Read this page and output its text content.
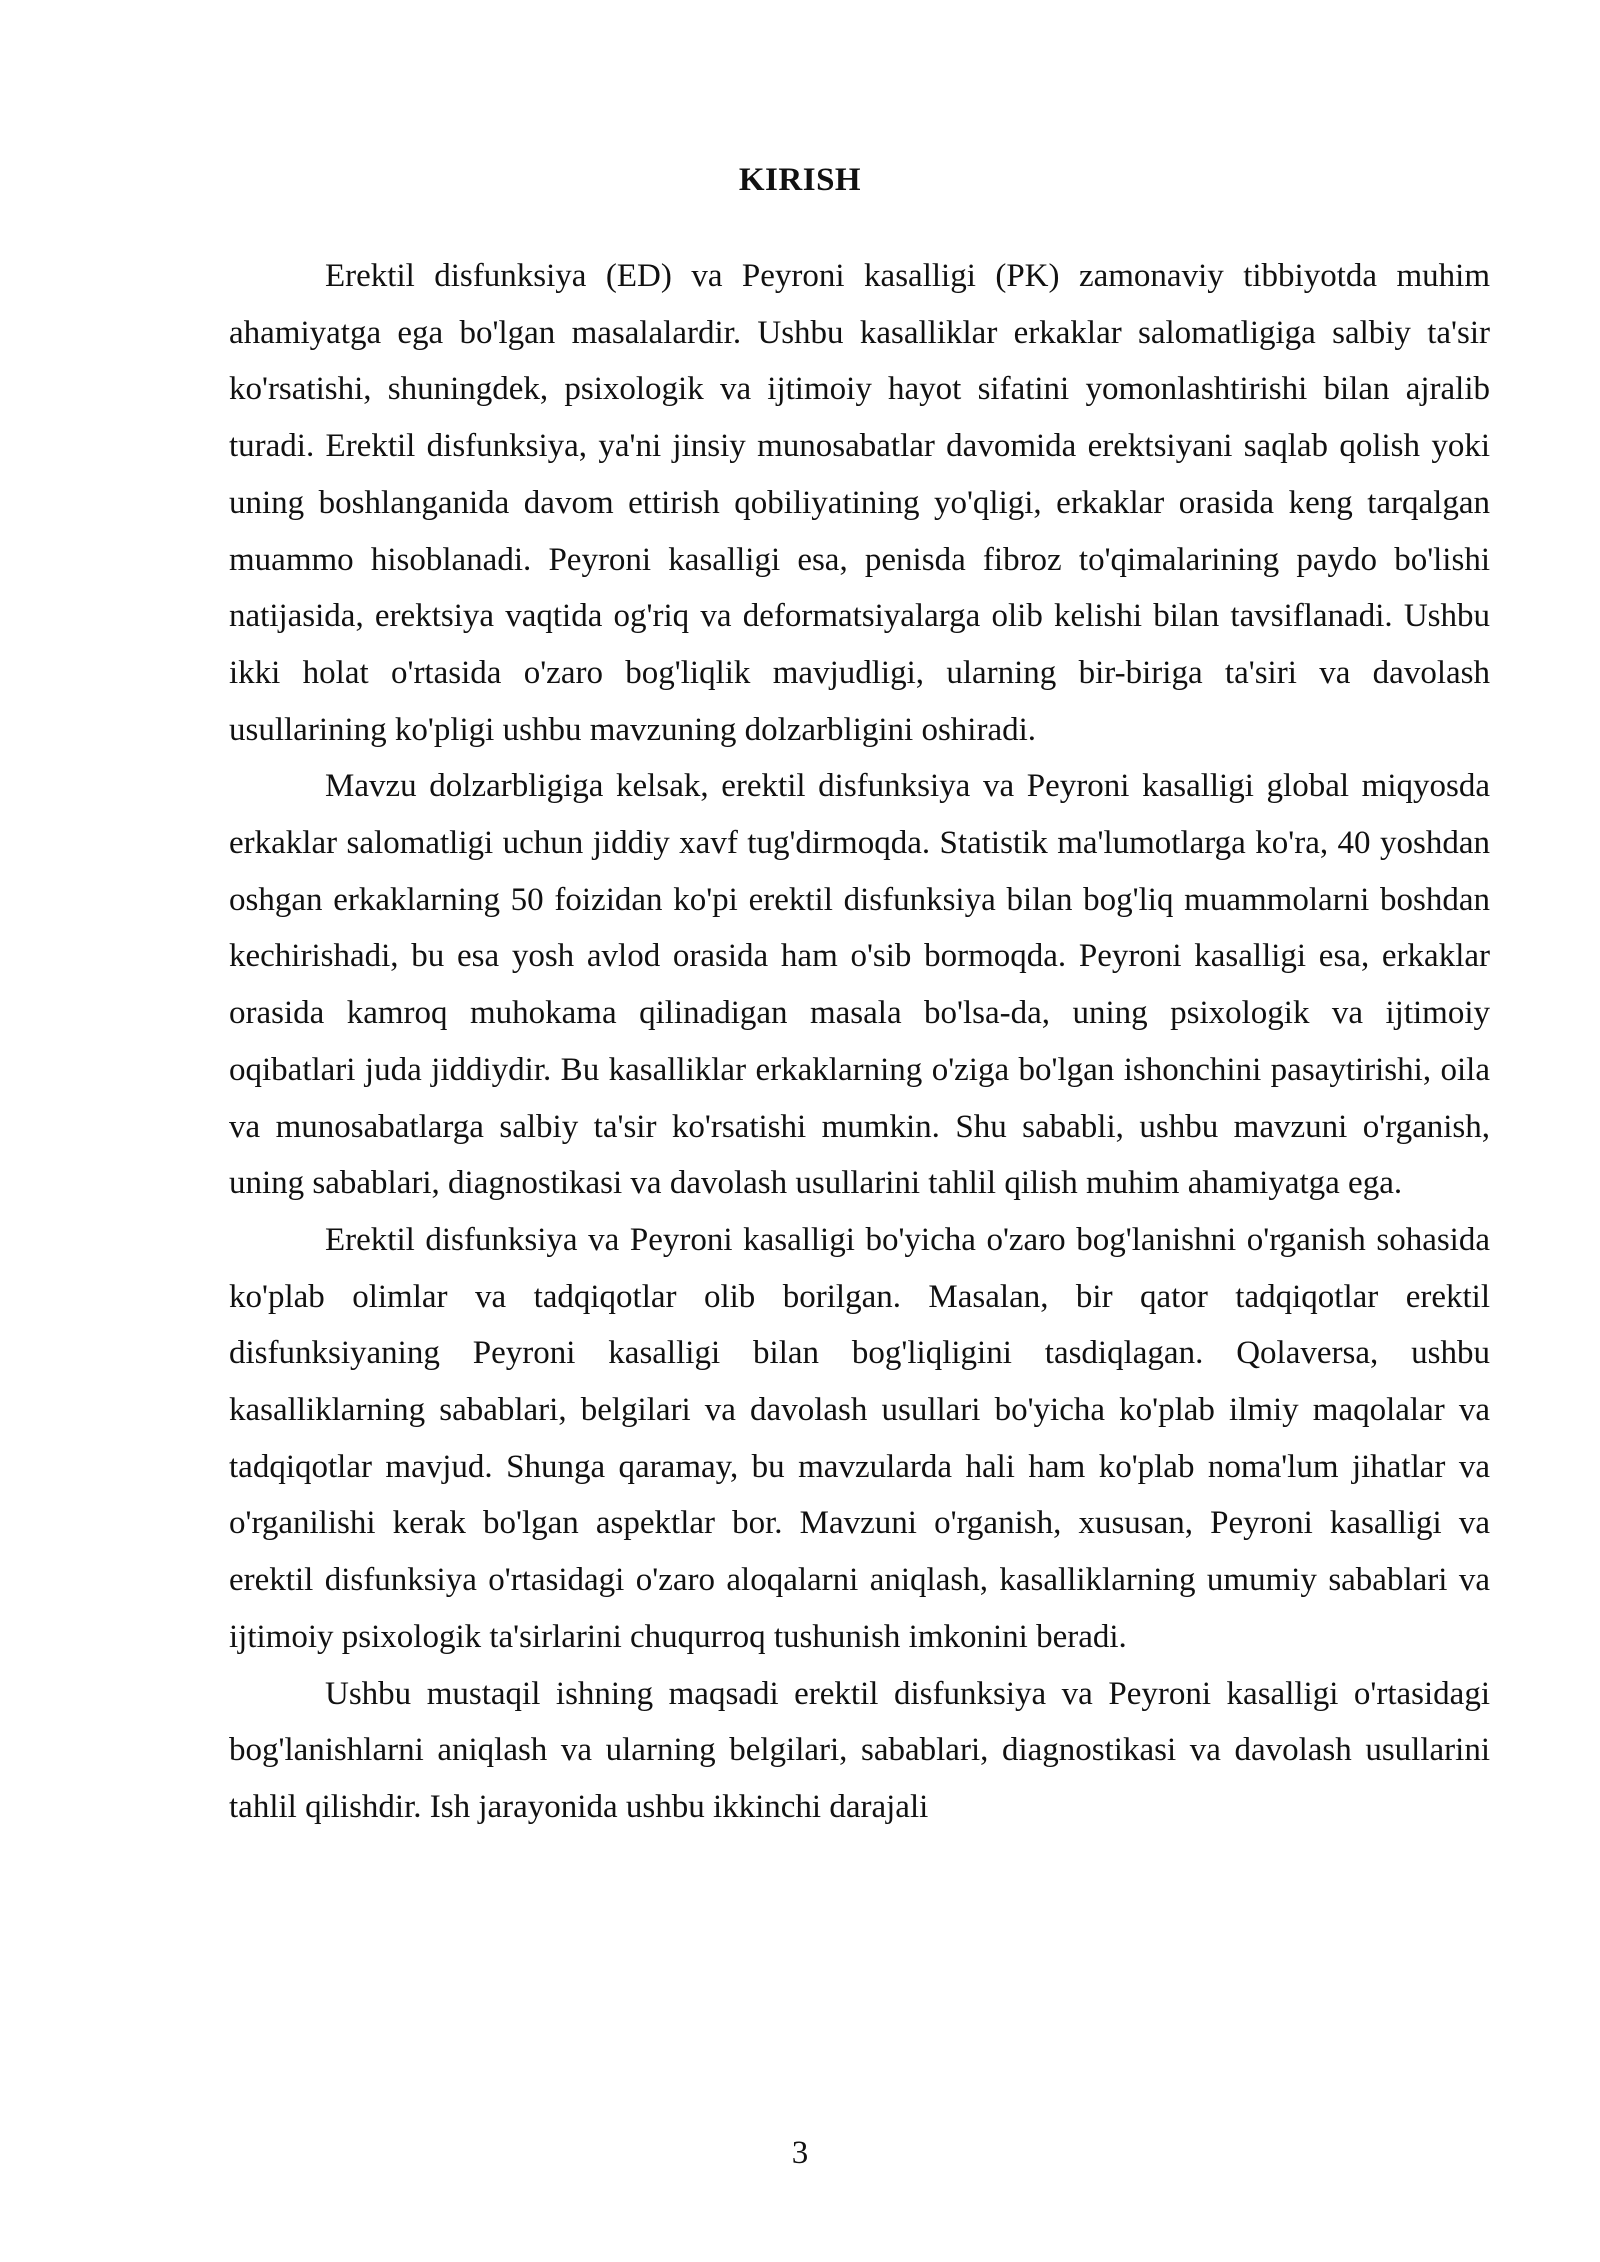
KIRISH

Erektil disfunksiya (ED) va Peyroni kasalligi (PK) zamonaviy tibbiyotda muhim ahamiyatga ega bo'lgan masalalardir. Ushbu kasalliklar erkaklar salomatligiga salbiy ta'sir ko'rsatishi, shuningdek, psixologik va ijtimoiy hayot sifatini yomonlashtirishi bilan ajralib turadi. Erektil disfunksiya, ya'ni jinsiy munosabatlar davomida erektsiyani saqlab qolish yoki uning boshlanganida davom ettirish qobiliyatining yo'qligi, erkaklar orasida keng tarqalgan muammo hisoblanadi. Peyroni kasalligi esa, penisda fibroz to'qimalarining paydo bo'lishi natijasida, erektsiya vaqtida og'riq va deformatsiyalarga olib kelishi bilan tavsiflanadi. Ushbu ikki holat o'rtasida o'zaro bog'liqlik mavjudligi, ularning bir-biriga ta'siri va davolash usullarining ko'pligi ushbu mavzuning dolzarbligini oshiradi.

Mavzu dolzarbligiga kelsak, erektil disfunksiya va Peyroni kasalligi global miqyosda erkaklar salomatligi uchun jiddiy xavf tug'dirmoqda. Statistik ma'lumotlarga ko'ra, 40 yoshdan oshgan erkaklarning 50 foizidan ko'pi erektil disfunksiya bilan bog'liq muammolarni boshdan kechirishadi, bu esa yosh avlod orasida ham o'sib bormoqda. Peyroni kasalligi esa, erkaklar orasida kamroq muhokama qilinadigan masala bo'lsa-da, uning psixologik va ijtimoiy oqibatlari juda jiddiydir. Bu kasalliklar erkaklarning o'ziga bo'lgan ishonchini pasaytirishi, oila va munosabatlarga salbiy ta'sir ko'rsatishi mumkin. Shu sababli, ushbu mavzuni o'rganish, uning sabablari, diagnostikasi va davolash usullarini tahlil qilish muhim ahamiyatga ega.

Erektil disfunksiya va Peyroni kasalligi bo'yicha o'zaro bog'lanishni o'rganish sohasida ko'plab olimlar va tadqiqotlar olib borilgan. Masalan, bir qator tadqiqotlar erektil disfunksiyaning Peyroni kasalligi bilan bog'liqligini tasdiqlagan. Qolaversa, ushbu kasalliklarning sabablari, belgilari va davolash usullari bo'yicha ko'plab ilmiy maqolalar va tadqiqotlar mavjud. Shunga qaramay, bu mavzularda hali ham ko'plab noma'lum jihatlar va o'rganilishi kerak bo'lgan aspektlar bor. Mavzuni o'rganish, xususan, Peyroni kasalligi va erektil disfunksiya o'rtasidagi o'zaro aloqalarni aniqlash, kasalliklarning umumiy sabablari va ijtimoiy psixologik ta'sirlarini chuqurroq tushunish imkonini beradi.

Ushbu mustaqil ishning maqsadi erektil disfunksiya va Peyroni kasalligi o'rtasidagi bog'lanishlarni aniqlash va ularning belgilari, sabablari, diagnostikasi va davolash usullarini tahlil qilishdir. Ish jarayonida ushbu ikkinchi darajali

3
